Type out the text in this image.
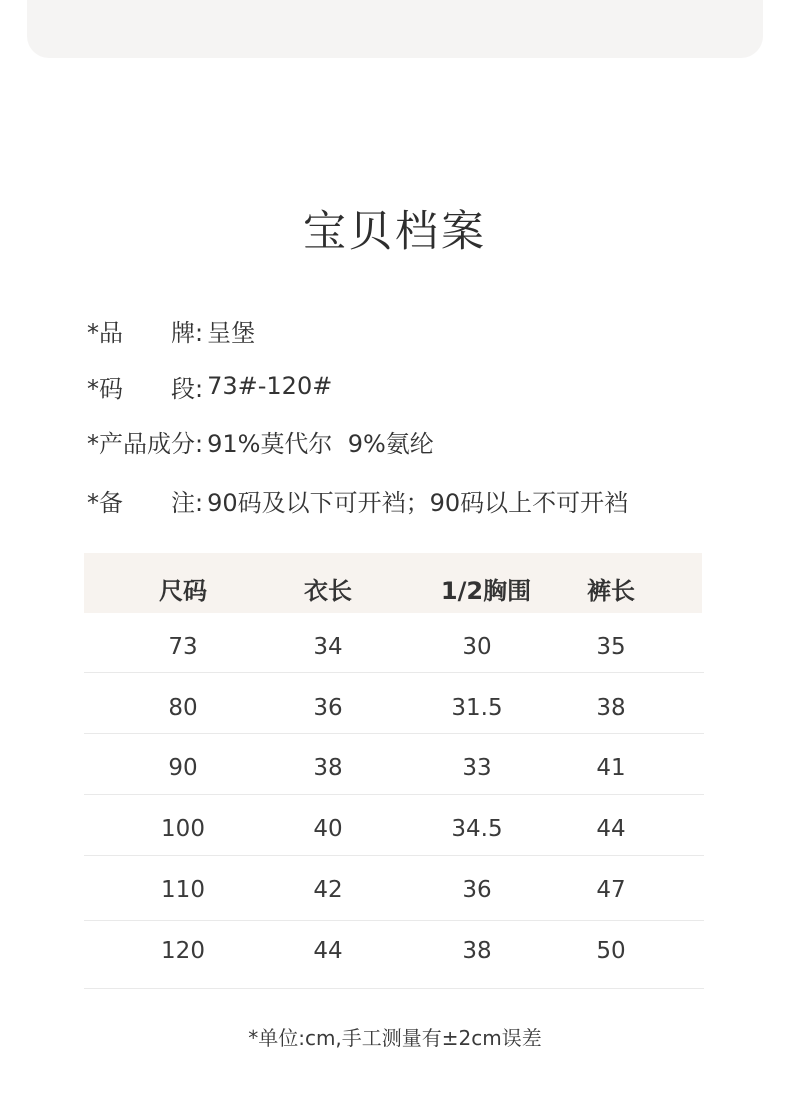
宝贝档案
*品　　牌: 呈堡
*码　　段: 73#-120#
*产品成分: 91%莫代尔  9%氨纶
*备　　注: 90码及以下可开裆；90码以上不可开裆
尺码	衣长	1/2胸围	裤长
73	34	30	35
80	36	31.5	38
90	38	33	41
100	40	34.5	44
110	42	36	47
120	44	38	50
*单位:cm,手工测量有±2cm误差
